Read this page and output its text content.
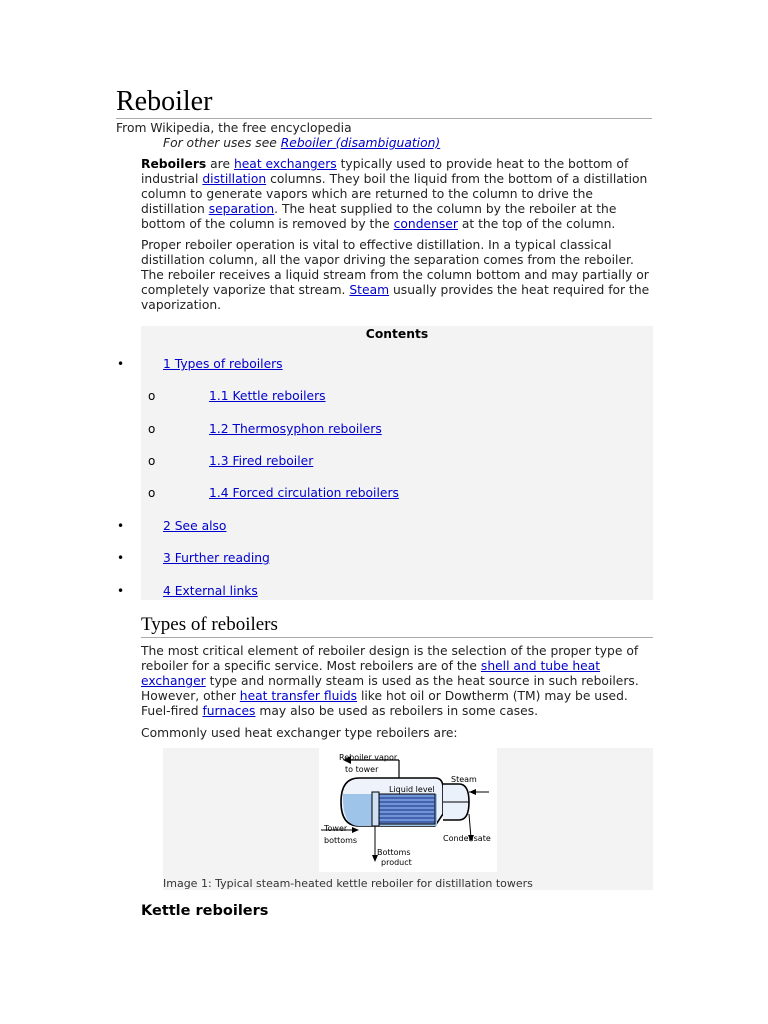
Reboiler
From Wikipedia, the free encyclopedia
For other uses see Reboiler (disambiguation)
Reboilers are heat exchangers typically used to provide heat to the bottom of industrial distillation columns. They boil the liquid from the bottom of a distillation column to generate vapors which are returned to the column to drive the distillation separation. The heat supplied to the column by the reboiler at the bottom of the column is removed by the condenser at the top of the column.
Proper reboiler operation is vital to effective distillation. In a typical classical distillation column, all the vapor driving the separation comes from the reboiler. The reboiler receives a liquid stream from the column bottom and may partially or completely vaporize that stream. Steam usually provides the heat required for the vaporization.
Contents
•	1 Types of reboilers
o	1.1 Kettle reboilers
o	1.2 Thermosyphon reboilers
o	1.3 Fired reboiler
o	1.4 Forced circulation reboilers
•	2 See also
•	3 Further reading
•	4 External links
Types of reboilers
The most critical element of reboiler design is the selection of the proper type of reboiler for a specific service. Most reboilers are of the shell and tube heat exchanger type and normally steam is used as the heat source in such reboilers. However, other heat transfer fluids like hot oil or Dowtherm (TM) may be used. Fuel-fired furnaces may also be used as reboilers in some cases.
Commonly used heat exchanger type reboilers are:
Reboiler vapor
to tower
Steam
Liquid level
Tower
bottoms
Bottoms
product
Condensate
Image 1: Typical steam-heated kettle reboiler for distillation towers
Kettle reboilers
